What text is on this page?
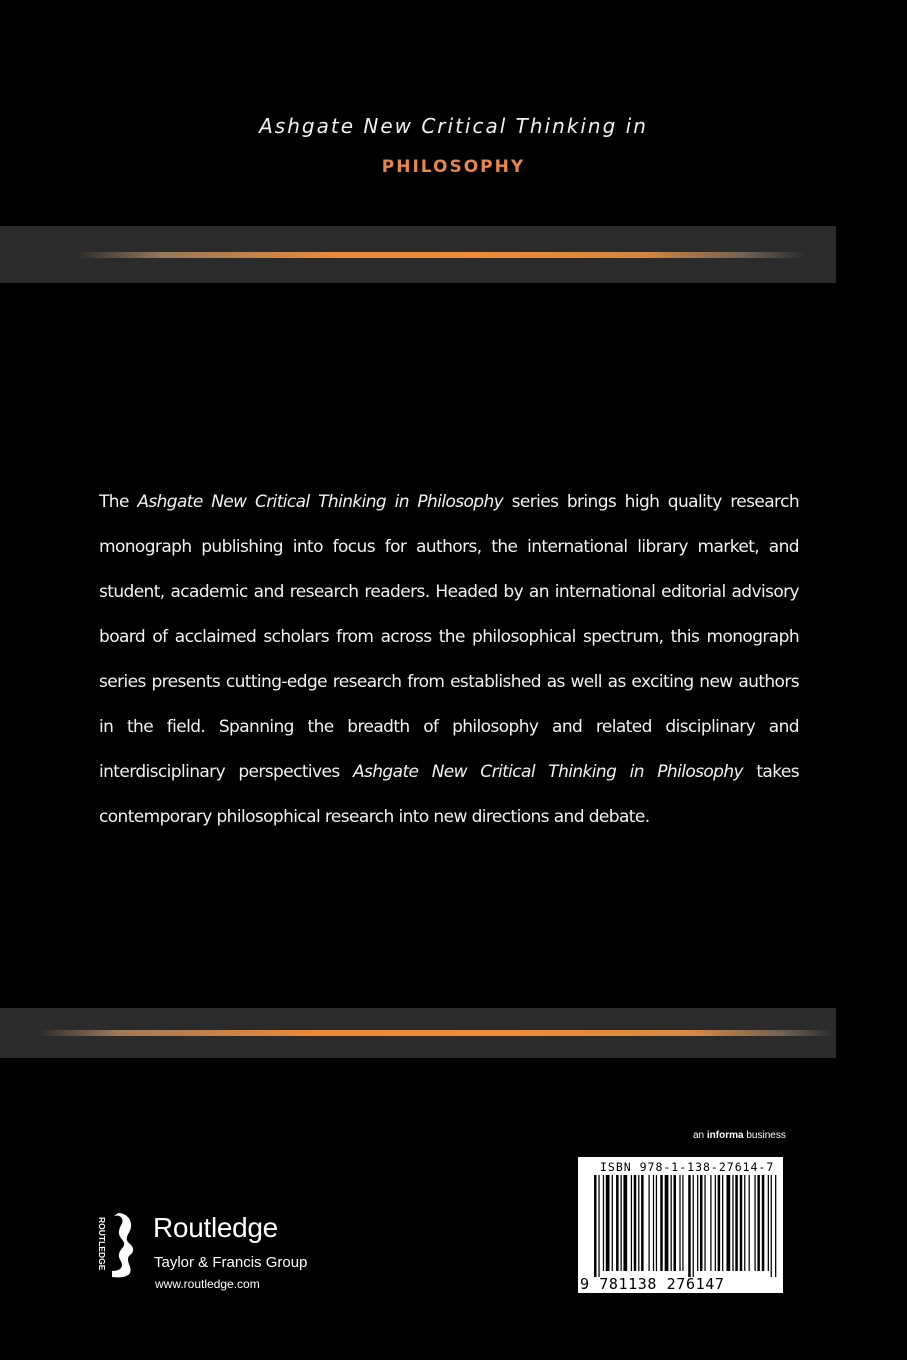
Ashgate New Critical Thinking in
PHILOSOPHY
The Ashgate New Critical Thinking in Philosophy series brings high quality research monograph publishing into focus for authors, the international library market, and student, academic and research readers. Headed by an international editorial advisory board of acclaimed scholars from across the philosophical spectrum, this monograph series presents cutting-edge research from established as well as exciting new authors in the field. Spanning the breadth of philosophy and related disciplinary and interdisciplinary perspectives Ashgate New Critical Thinking in Philosophy takes contemporary philosophical research into new directions and debate.
an informa business
ISBN 978-1-138-27614-7
9 781138 276147
ROUTLEDGE Routledge
Taylor & Francis Group
www.routledge.com
